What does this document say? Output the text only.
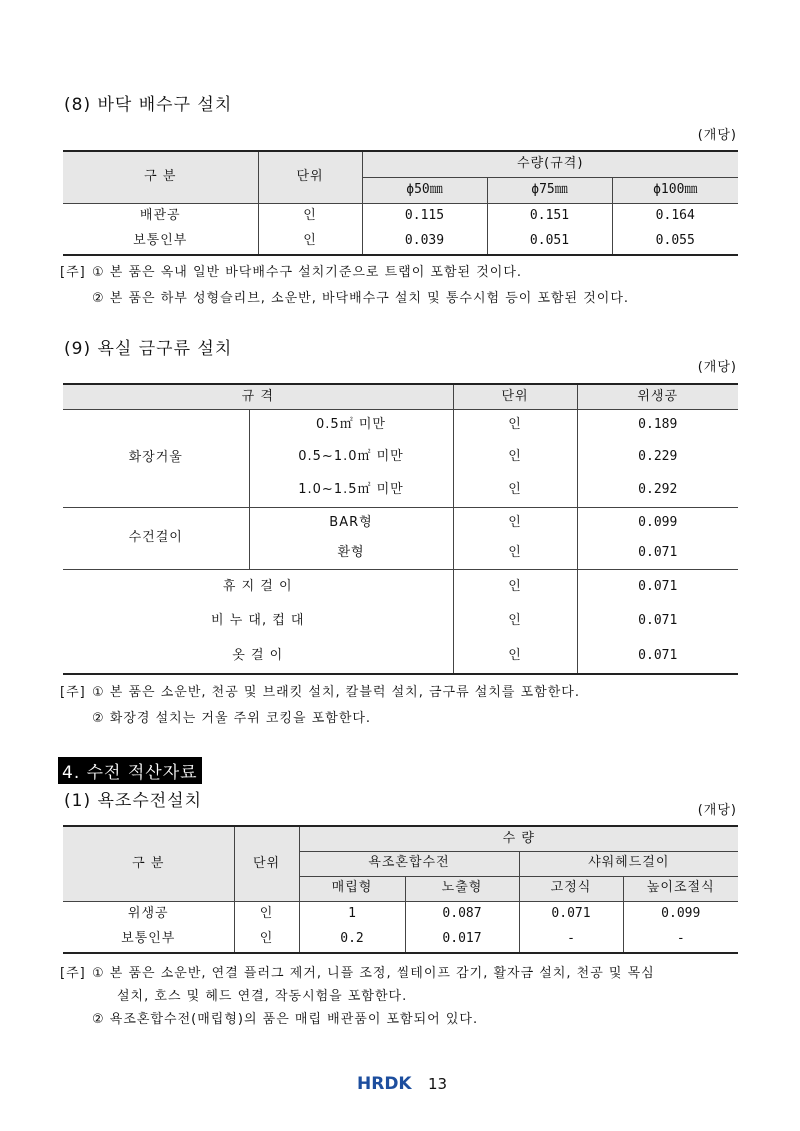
(8) 바닥 배수구 설치
(개당)
구 분	단위	수량(규격)		
		ϕ50㎜	ϕ75㎜	ϕ100㎜
배관공	인	0.115	0.151	0.164
보통인부	인	0.039	0.051	0.055
[주] ① 본 품은 옥내 일반 바닥배수구 설치기준으로 트랩이 포함된 것이다.
② 본 품은 하부 성형슬리브, 소운반, 바닥배수구 설치 및 통수시험 등이 포함된 것이다.
(9) 욕실 금구류 설치
(개당)
규 격		단위	위생공
화장거울	0.5㎡ 미만	인	0.189
	0.5~1.0㎡ 미만	인	0.229
	1.0~1.5㎡ 미만	인	0.292
수건걸이	BAR형	인	0.099
	환형	인	0.071
휴 지 걸 이		인	0.071
비 누 대, 컵 대		인	0.071
옷 걸 이		인	0.071
[주] ① 본 품은 소운반, 천공 및 브래킷 설치, 칼블럭 설치, 금구류 설치를 포함한다.
② 화장경 설치는 거울 주위 코킹을 포함한다.
4. 수전 적산자료
(1) 욕조수전설치	(개당)
구 분	단위	수 량			
		욕조혼합수전		샤워헤드걸이	
		매립형	노출형	고정식	높이조절식
위생공	인	1	0.087	0.071	0.099
보통인부	인	0.2	0.017	-	-
[주] ① 본 품은 소운반, 연결 플러그 제거, 니플 조정, 씰테이프 감기, 활자금 설치, 천공 및 목심
설치, 호스 및 헤드 연결, 작동시험을 포함한다.
② 욕조혼합수전(매립형)의 품은 매립 배관품이 포함되어 있다.
HRDK 13
